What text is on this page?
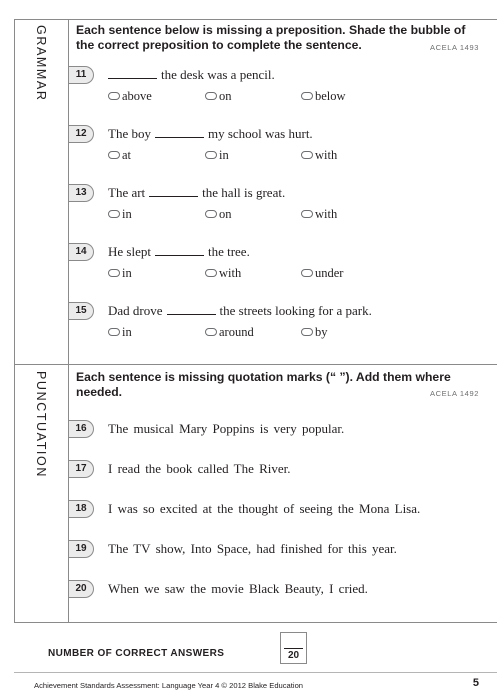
GRAMMAR	Each sentence below is missing a preposition. Shade the bubble of the correct preposition to complete the sentence.	ACELA 1493
11	the desk was a pencil.
above	on	below
12	The boy	my school was hurt.
at	in	with
13	The art	the hall is great.
in	on	with
14	He slept	the tree.
in	with	under
15	Dad drove	the streets looking for a park.
in	around	by
PUNCTUATION	Each sentence is missing quotation marks (“ ”). Add them where needed.	ACELA 1492
16	The musical Mary Poppins is very popular.
17	I read the book called The River.
18	I was so excited at the thought of seeing the Mona Lisa.
19	The TV show, Into Space, had finished for this year.
20	When we saw the movie Black Beauty, I cried.
NUMBER OF CORRECT ANSWERS	20
Achievement Standards Assessment: Language Year 4 © 2012 Blake Education	5
